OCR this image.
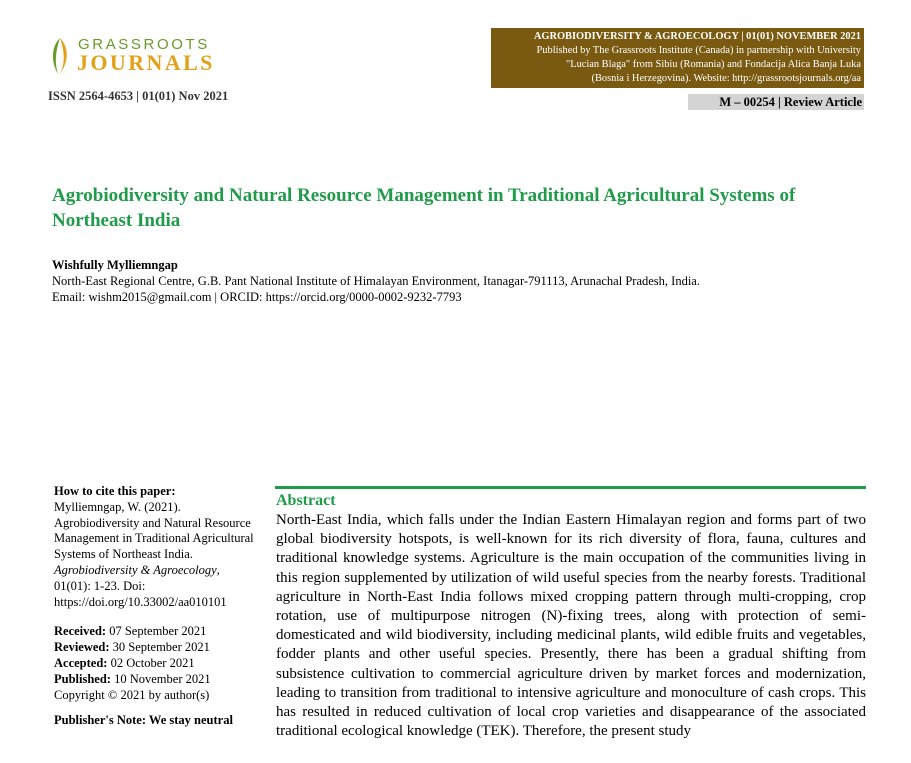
GRASSROOTS
JOURNALS
ISSN 2564-4653 | 01(01) Nov 2021
AGROBIODIVERSITY & AGROECOLOGY | 01(01) NOVEMBER 2021
Published by The Grassroots Institute (Canada) in partnership with University
"Lucian Blaga" from Sibiu (Romania) and Fondacija Alica Banja Luka
(Bosnia i Herzegovina). Website: http://grassrootsjournals.org/aa
M – 00254 | Review Article
Agrobiodiversity and Natural Resource Management in Traditional Agricultural Systems of Northeast India
Wishfully Mylliemngap
North-East Regional Centre, G.B. Pant National Institute of Himalayan Environment, Itanagar-791113, Arunachal Pradesh, India.
Email: wishm2015@gmail.com | ORCID: https://orcid.org/0000-0002-9232-7793

How to cite this paper:

Mylliemngap, W. (2021). Agrobiodiversity and Natural Resource Management in Traditional Agricultural Systems of Northeast India. Agrobiodiversity & Agroecology, 01(01): 1-23. Doi: https://doi.org/10.33002/aa010101

Received: 07 September 2021

Reviewed: 30 September 2021

Accepted: 02 October 2021

Published: 10 November 2021

Copyright © 2021 by author(s)

Publisher's Note: We stay neutral

Abstract

North-East India, which falls under the Indian Eastern Himalayan region and forms part of two global biodiversity hotspots, is well-known for its rich diversity of flora, fauna, cultures and traditional knowledge systems. Agriculture is the main occupation of the communities living in this region supplemented by utilization of wild useful species from the nearby forests. Traditional agriculture in North-East India follows mixed cropping pattern through multi-cropping, crop rotation, use of multipurpose nitrogen (N)-fixing trees, along with protection of semi-domesticated and wild biodiversity, including medicinal plants, wild edible fruits and vegetables, fodder plants and other useful species. Presently, there has been a gradual shifting from subsistence cultivation to commercial agriculture driven by market forces and modernization, leading to transition from traditional to intensive agriculture and monoculture of cash crops. This has resulted in reduced cultivation of local crop varieties and disappearance of the associated traditional ecological knowledge (TEK). Therefore, the present study
